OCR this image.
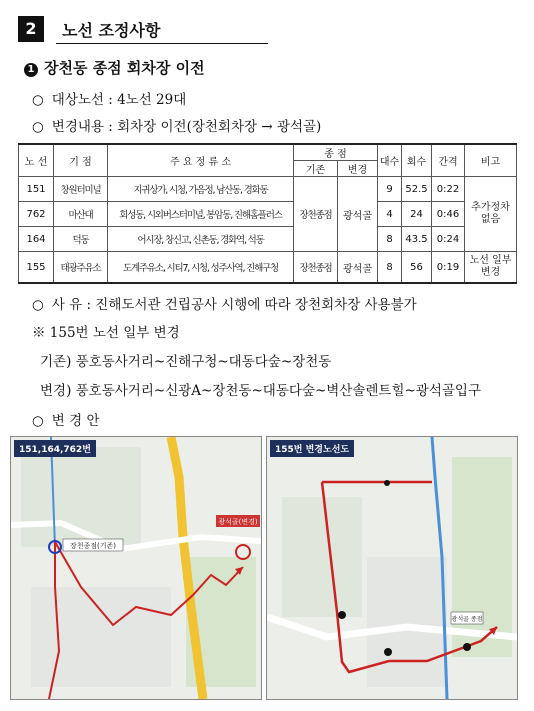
2	노선 조정사항
1 장천동 종점 회차장 이전
○ 대상노선 : 4노선 29대
○ 변경내용 : 회차장 이전(장천회차장 → 광석골)
노 선	기 점	주 요 정 류 소	종 점		대수	회수	간격	비고
			기존	변경				
151	창원터미널	지귀상가, 시청, 가음정, 남산동, 경화동	장천종점	광석골	9	52.5	0:22	추가정차 없음
762	마산대	회성동, 시외버스터미널, 봉암동, 진해홈플러스			4	24	0:46	
164	덕동	어시장, 창신고, 신촌동, 경화역, 석동			8	43.5	0:24	
155	태광주유소	도계주유소, 시티7, 시청, 성주사역, 진해구청	장천종점	광석골	8	56	0:19	노선 일부변경
○ 사 유 : 진해도서관 건립공사 시행에 따라 장천회차장 사용불가
※ 155번 노선 일부 변경
기존) 풍호동사거리~진해구청~대동다숲~장천동
변경) 풍호동사거리~신광A~장천동~대동다숲~벽산솔렌트힐~광석골입구
○ 변 경 안
장천종점(기존)
광석골(변경)
151,164,762번
광석골 종점
155번 변경노선도
